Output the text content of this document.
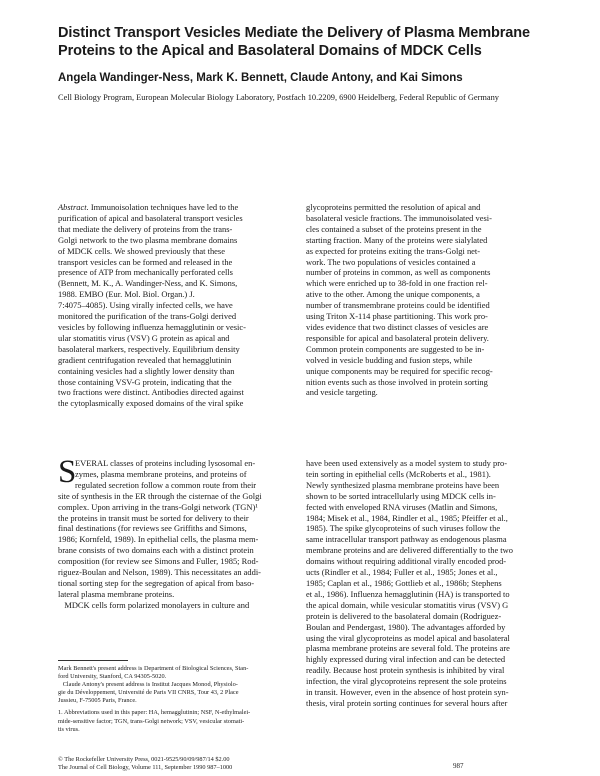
Distinct Transport Vesicles Mediate the Delivery of Plasma Membrane Proteins to the Apical and Basolateral Domains of MDCK Cells

Angela Wandinger-Ness, Mark K. Bennett, Claude Antony, and Kai Simons

Cell Biology Program, European Molecular Biology Laboratory, Postfach 10.2209, 6900 Heidelberg, Federal Republic of Germany

Abstract. Immunoisolation techniques have led to the

purification of apical and basolateral transport vesicles

that mediate the delivery of proteins from the trans-

Golgi network to the two plasma membrane domains

of MDCK cells. We showed previously that these

transport vesicles can be formed and released in the

presence of ATP from mechanically perforated cells

(Bennett, M. K., A. Wandinger-Ness, and K. Simons,

1988. EMBO (Eur. Mol. Biol. Organ.) J.

7:4075–4085). Using virally infected cells, we have

monitored the purification of the trans-Golgi derived

vesicles by following influenza hemagglutinin or vesic-

ular stomatitis virus (VSV) G protein as apical and

basolateral markers, respectively. Equilibrium density

gradient centrifugation revealed that hemagglutinin

containing vesicles had a slightly lower density than

those containing VSV-G protein, indicating that the

two fractions were distinct. Antibodies directed against

the cytoplasmically exposed domains of the viral spike

glycoproteins permitted the resolution of apical and

basolateral vesicle fractions. The immunoisolated vesi-

cles contained a subset of the proteins present in the

starting fraction. Many of the proteins were sialylated

as expected for proteins exiting the trans-Golgi net-

work. The two populations of vesicles contained a

number of proteins in common, as well as components

which were enriched up to 38-fold in one fraction rel-

ative to the other. Among the unique components, a

number of transmembrane proteins could be identified

using Triton X-114 phase partitioning. This work pro-

vides evidence that two distinct classes of vesicles are

responsible for apical and basolateral protein delivery.

Common protein components are suggested to be in-

volved in vesicle budding and fusion steps, while

unique components may be required for specific recog-

nition events such as those involved in protein sorting

and vesicle targeting.

S

EVERAL classes of proteins including lysosomal en-

zymes, plasma membrane proteins, and proteins of

regulated secretion follow a common route from their

site of synthesis in the ER through the cisternae of the Golgi

complex. Upon arriving in the trans-Golgi network (TGN)¹

the proteins in transit must be sorted for delivery to their

final destinations (for reviews see Griffiths and Simons,

1986; Kornfeld, 1989). In epithelial cells, the plasma mem-

brane consists of two domains each with a distinct protein

composition (for review see Simons and Fuller, 1985; Rod-

riguez-Boulan and Nelson, 1989). This necessitates an addi-

tional sorting step for the segregation of apical from baso-

lateral plasma membrane proteins.

MDCK cells form polarized monolayers in culture and

have been used extensively as a model system to study pro-

tein sorting in epithelial cells (McRoberts et al., 1981).

Newly synthesized plasma membrane proteins have been

shown to be sorted intracellularly using MDCK cells in-

fected with enveloped RNA viruses (Matlin and Simons,

1984; Misek et al., 1984, Rindler et al., 1985; Pfeiffer et al.,

1985). The spike glycoproteins of such viruses follow the

same intracellular transport pathway as endogenous plasma

membrane proteins and are delivered differentially to the two

domains without requiring additional virally encoded prod-

ucts (Rindler et al., 1984; Fuller et al., 1985; Jones et al.,

1985; Caplan et al., 1986; Gottlieb et al., 1986b; Stephens

et al., 1986). Influenza hemagglutinin (HA) is transported to

the apical domain, while vesicular stomatitis virus (VSV) G

protein is delivered to the basolateral domain (Rodriguez-

Boulan and Pendergast, 1980). The advantages afforded by

using the viral glycoproteins as model apical and basolateral

plasma membrane proteins are several fold. The proteins are

highly expressed during viral infection and can be detected

readily. Because host protein synthesis is inhibited by viral

infection, the viral glycoproteins represent the sole proteins

in transit. However, even in the absence of host protein syn-

thesis, viral protein sorting continues for several hours after

Mark Bennett's present address is Department of Biological Sciences, Stan-

ford University, Stanford, CA 94305-5020.

Claude Antony's present address is Institut Jacques Monod, Physiolo-

gie du Développement, Université de Paris VII CNRS, Tour 43, 2 Place

Jussieu, F-75005 Paris, France.

1. Abbreviations used in this paper: HA, hemagglutinin; NSF, N-ethylmalei-

mide-sensitive factor; TGN, trans-Golgi network; VSV, vesicular stomati-

tis virus.

© The Rockefeller University Press, 0021-9525/90/09/987/14 $2.00

The Journal of Cell Biology, Volume 111, September 1990 987–1000	987
